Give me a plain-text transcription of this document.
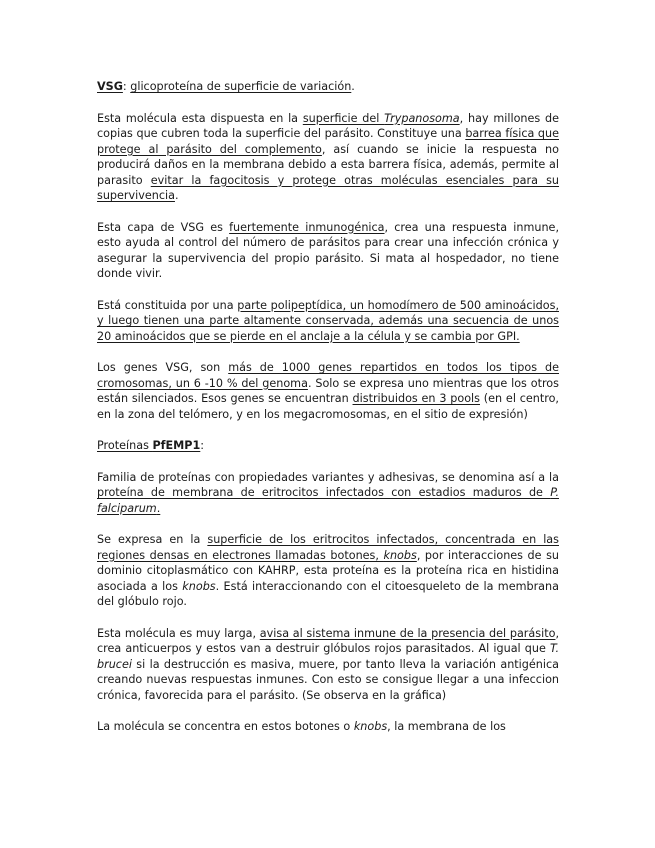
VSG: glicoproteína de superficie de variación.

Esta molécula esta dispuesta en la superficie del Trypanosoma, hay millones de copias que cubren toda la superficie del parásito. Constituye una barrea física que protege al parásito del complemento, así cuando se inicie la respuesta no producirá daños en la membrana debido a esta barrera física, además, permite al parasito evitar la fagocitosis y protege otras moléculas esenciales para su supervivencia.

Esta capa de VSG es fuertemente inmunogénica, crea una respuesta inmune, esto ayuda al control del número de parásitos para crear una infección crónica y asegurar la supervivencia del propio parásito. Si mata al hospedador, no tiene donde vivir.

Está constituida por una parte polipeptídica, un homodímero de 500 aminoácidos, y luego tienen una parte altamente conservada, además una secuencia de unos 20 aminoácidos que se pierde en el anclaje a la célula y se cambia por GPI.

Los genes VSG, son más de 1000 genes repartidos en todos los tipos de cromosomas, un 6 -10 % del genoma. Solo se expresa uno mientras que los otros están silenciados. Esos genes se encuentran distribuidos en 3 pools (en el centro, en la zona del telómero, y en los megacromosomas, en el sitio de expresión)

Proteínas PfEMP1:

Familia de proteínas con propiedades variantes y adhesivas, se denomina así a la proteína de membrana de eritrocitos infectados con estadios maduros de P. falciparum.

Se expresa en la superficie de los eritrocitos infectados, concentrada en las regiones densas en electrones llamadas botones, knobs, por interacciones de su dominio citoplasmático con KAHRP, esta proteína es la proteína rica en histidina asociada a los knobs. Está interaccionando con el citoesqueleto de la membrana del glóbulo rojo.

Esta molécula es muy larga, avisa al sistema inmune de la presencia del parásito, crea anticuerpos y estos van a destruir glóbulos rojos parasitados. Al igual que T. brucei si la destrucción es masiva, muere, por tanto lleva la variación antigénica creando nuevas respuestas inmunes. Con esto se consigue llegar a una infeccion crónica, favorecida para el parásito. (Se observa en la gráfica)

La molécula se concentra en estos botones o knobs, la membrana de los
